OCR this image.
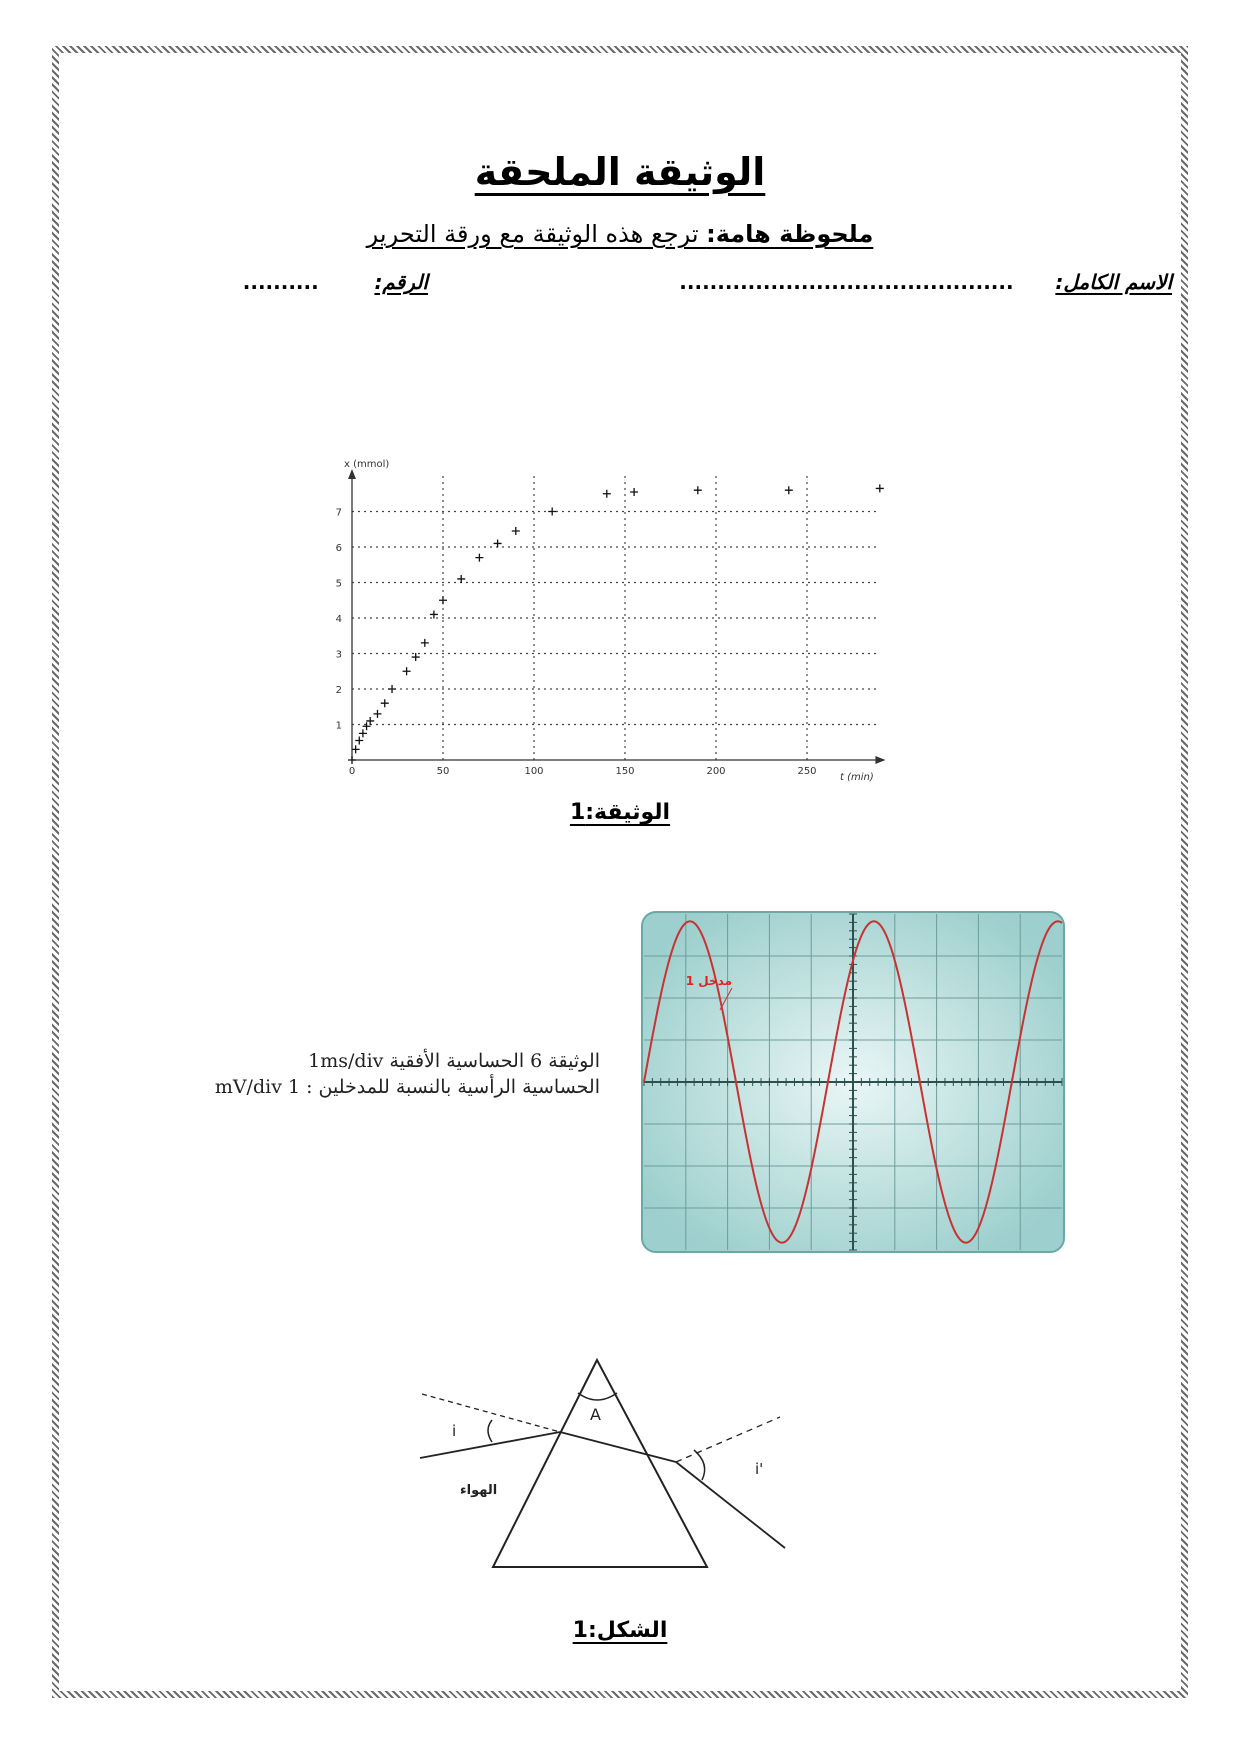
الوثيقة الملحقة
ملحوظة هامة: ترجع هذه الوثيقة مع ورقة التحرير
الاسم الكامل:      ............................................
الرقم:        ..........
1
2
3
4
5
6
7
0	50	100	150	200	250
x (mmol)
t (min)
الوثيقة:1
الوثيقة 6 الحساسية الأفقية 1ms/div
الحساسية الرأسية بالنسبة للمدخلين : 1 mV/div
مدخل 1
A
i
i'
الهواء
الشكل:1
